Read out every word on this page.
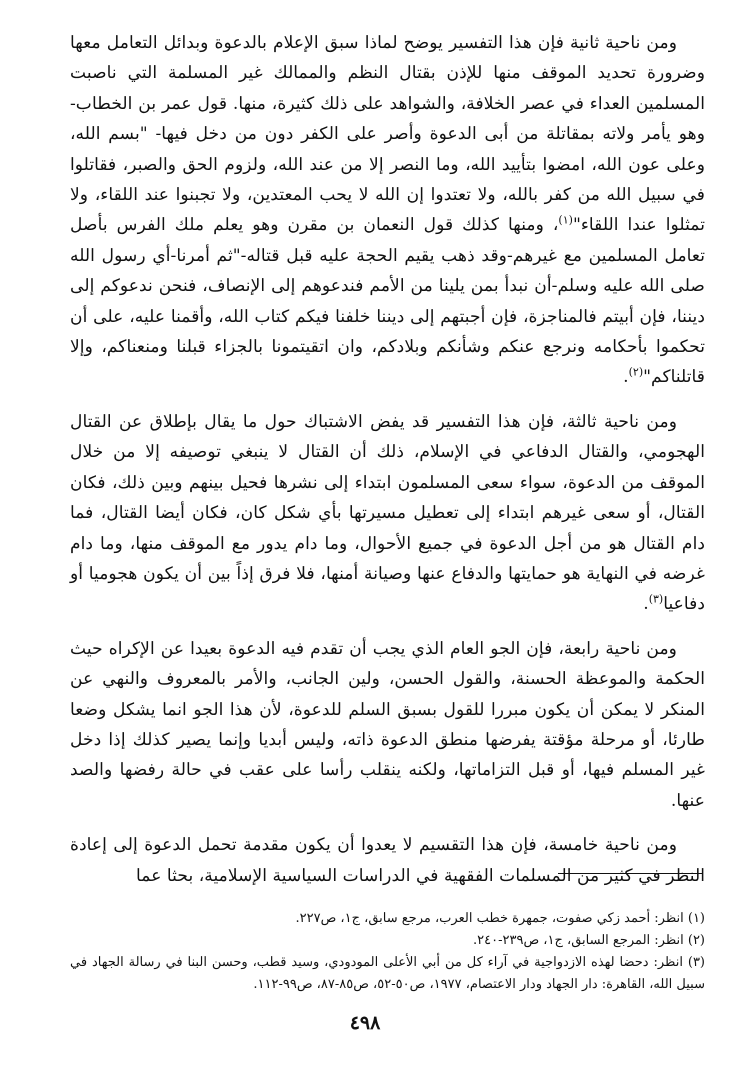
ومن ناحية ثانية فإن هذا التفسير يوضح لماذا سبق الإعلام بالدعوة وبدائل التعامل معها وضرورة تحديد الموقف منها للإذن بقتال النظم والممالك غير المسلمة التي ناصبت المسلمين العداء في عصر الخلافة، والشواهد على ذلك كثيرة، منها. قول عمر بن الخطاب-وهو يأمر ولاته بمقاتلة من أبى الدعوة وأصر على الكفر دون من دخل فيها- "بسم الله، وعلى عون الله، امضوا بتأييد الله، وما النصر إلا من عند الله، ولزوم الحق والصبر، فقاتلوا في سبيل الله من كفر بالله، ولا تعتدوا إن الله لا يحب المعتدين، ولا تجبنوا عند اللقاء، ولا تمثلوا عندا اللقاء"$^{(١)}$، ومنها كذلك قول النعمان بن مقرن وهو يعلم ملك الفرس بأصل تعامل المسلمين مع غيرهم-وقد ذهب يقيم الحجة عليه قبل قتاله-"ثم أمرنا-أي رسول الله صلى الله عليه وسلم-أن نبدأ بمن يلينا من الأمم فندعوهم إلى الإنصاف، فنحن ندعوكم إلى ديننا، فإن أبيتم فالمناجزة، فإن أجبتهم إلى ديننا خلفنا فيكم كتاب الله، وأقمنا عليه، على أن تحكموا بأحكامه ونرجع عنكم وشأنكم وبلادكم، وان اتقيتمونا بالجزاء قبلنا ومنعناكم، وإلا قاتلناكم"$^{(٢)}$.

ومن ناحية ثالثة، فإن هذا التفسير قد يفض الاشتباك حول ما يقال بإطلاق عن القتال الهجومي، والقتال الدفاعي في الإسلام، ذلك أن القتال لا ينبغي توصيفه إلا من خلال الموقف من الدعوة، سواء سعى المسلمون ابتداء إلى نشرها فحيل بينهم وبين ذلك، فكان القتال، أو سعى غيرهم ابتداء إلى تعطيل مسيرتها بأي شكل كان، فكان أيضا القتال، فما دام القتال هو من أجل الدعوة في جميع الأحوال، وما دام يدور مع الموقف منها، وما دام غرضه في النهاية هو حمايتها والدفاع عنها وصيانة أمنها، فلا فرق إذاً بين أن يكون هجوميا أو دفاعيا$^{(٣)}$.

ومن ناحية رابعة، فإن الجو العام الذي يجب أن تقدم فيه الدعوة بعيدا عن الإكراه حيث الحكمة والموعظة الحسنة، والقول الحسن، ولين الجانب، والأمر بالمعروف والنهي عن المنكر لا يمكن أن يكون مبررا للقول بسبق السلم للدعوة، لأن هذا الجو انما يشكل وضعا طارئا، أو مرحلة مؤقتة يفرضها منطق الدعوة ذاته، وليس أبديا وإنما يصير كذلك إذا دخل غير المسلم فيها، أو قبل التزاماتها، ولكنه ينقلب رأسا على عقب في حالة رفضها والصد عنها.

ومن ناحية خامسة، فإن هذا التقسيم لا يعدوا أن يكون مقدمة تحمل الدعوة إلى إعادة النظر في كثير من المسلمات الفقهية في الدراسات السياسية الإسلامية، بحثا عما

(١) انظر: أحمد زكي صفوت، جمهرة خطب العرب، مرجع سابق، ج١، ص٢٢٧.

(٢) انظر: المرجع السابق، ج١، ص٢٣٩-٢٤٠.

(٣) انظر: دحضا لهذه الازدواجية في آراء كل من أبي الأعلى المودودي، وسيد قطب، وحسن البنا في رسالة الجهاد في سبيل الله، القاهرة: دار الجهاد ودار الاعتصام، ١٩٧٧، ص٥٠-٥٢، ص٨٥-٨٧، ص٩٩-١١٢.

٤٩٨
